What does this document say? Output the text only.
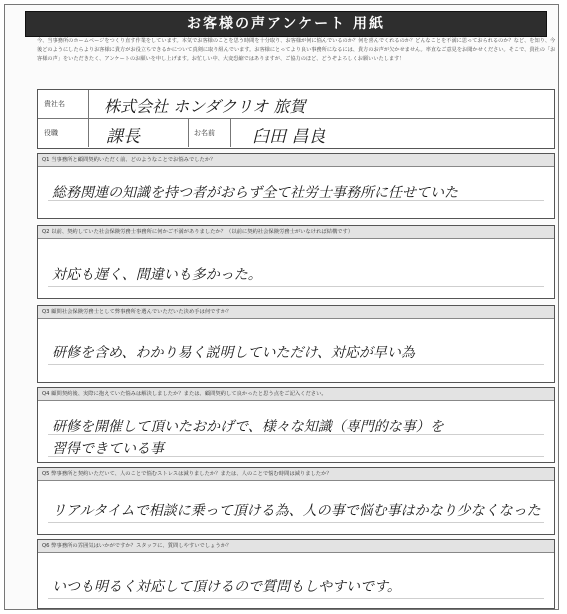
お客様の声アンケート 用紙
今、当事務所のホームページをつくり直す作業をしています。本気でお客様のことを思う時間を十分取り、お客様が何に悩んでいるのか？何を喜んでくれるのか？どんなことを不満に思っておられるのか？など、を知り、今後どのようにしたらよりお客様に貴方がお役立ちできるかについて真剣に取り組んでいます。お客様にとってより良い事務所になるには、貴方のお声が欠かせません。率直なご意見をお聞かせください。そこで、貴社の「お客様の声」をいただきたく、アンケートのお願いを申し上げます。お忙しい中、大変恐縮ではありますが、ご協力のほど、どうぞよろしくお願いいたします！
貴社名 株式会社 ホンダクリオ 旅賀
役職	課長	お名前 臼田 昌良
Q1 当事務所と顧問契約いただく前、どのようなことでお悩みでしたか？
総務関連の知識を持つ者がおらず全て社労士事務所に任せていた
Q2 以前、契約していた社会保険労務士事務所に何かご不満がありましたか？（以前に契約社会保険労務士がいなければ結構です）
対応も遅く、間違いも多かった。
Q3 顧問社会保険労務士として弊事務所を選んでいただいた決め手は何ですか？
研修を含め、わかり易く説明していただけ、対応が早い為
Q4 顧問契約後、実際に抱えていた悩みは解決しましたか？または、顧問契約して良かったと思う点をご記入ください。
研修を開催して頂いたおかげで、様々な知識（専門的な事）を
習得できている事
Q5 弊事務所と契約いただいて、人のことで悩むストレスは減りましたか？または、人のことで悩む時間は減りましたか？
リアルタイムで相談に乗って頂ける為、人の事で悩む事はかなり少なくなった
Q6 弊事務所の雰囲気はいかがですか？スタッフに、質問しやすいでしょうか？
いつも明るく対応して頂けるので質問もしやすいです。
